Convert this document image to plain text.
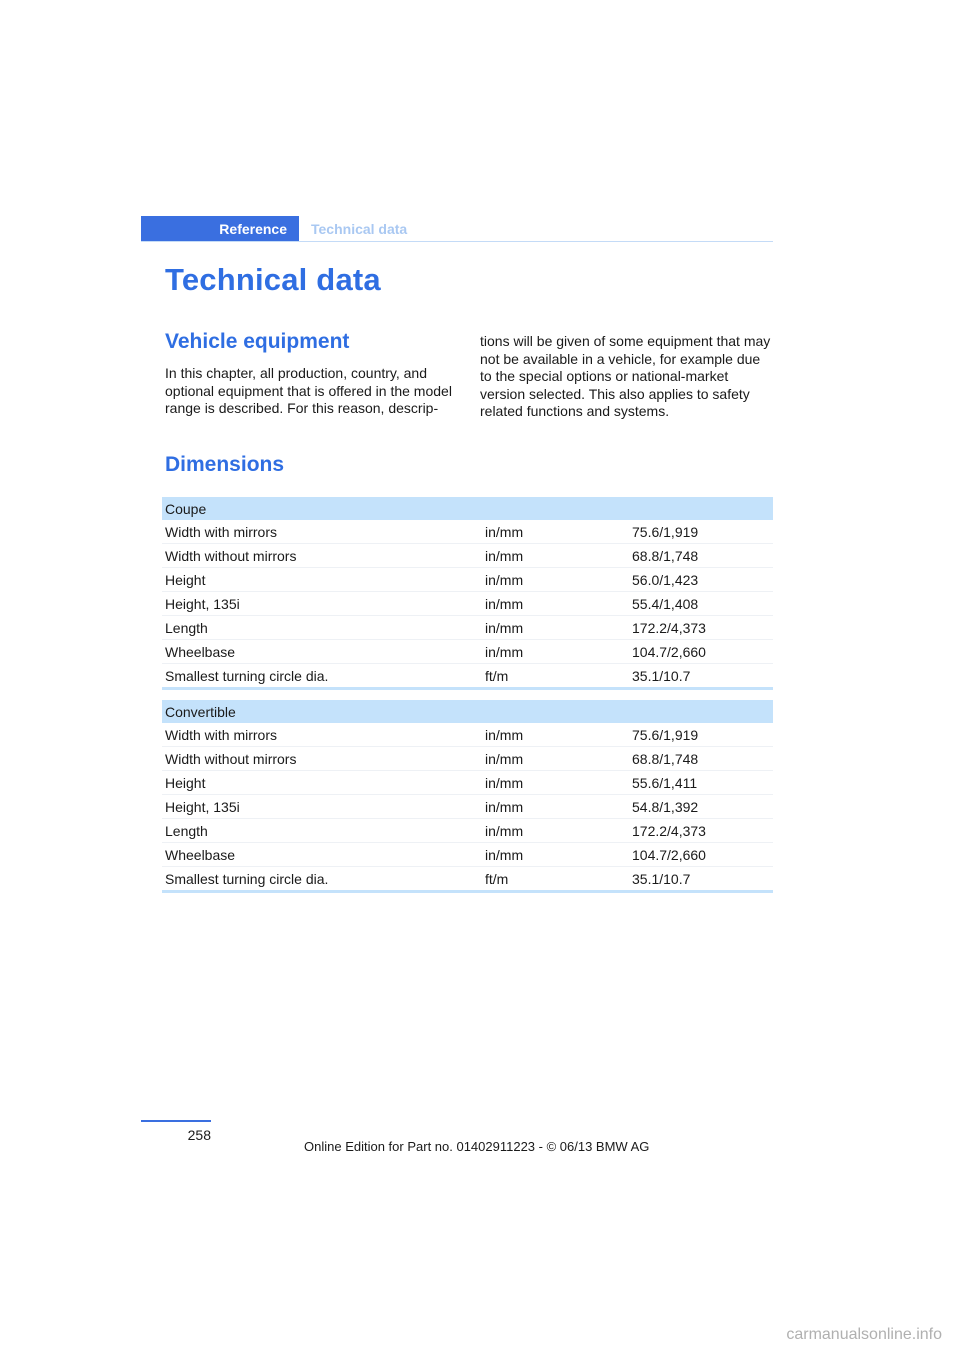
Reference Technical data
Technical data
Vehicle equipment

In this chapter, all production, country, and optional equipment that is offered in the model range is described. For this reason, descrip-

tions will be given of some equipment that may not be available in a vehicle, for example due to the special options or national-market version selected. This also applies to safety related functions and systems.

Dimensions
Coupe		
Width with mirrors	in/mm	75.6/1,919
Width without mirrors	in/mm	68.8/1,748
Height	in/mm	56.0/1,423
Height, 135i	in/mm	55.4/1,408
Length	in/mm	172.2/4,373
Wheelbase	in/mm	104.7/2,660
Smallest turning circle dia.	ft/m	35.1/10.7
Convertible		
Width with mirrors	in/mm	75.6/1,919
Width without mirrors	in/mm	68.8/1,748
Height	in/mm	55.6/1,411
Height, 135i	in/mm	54.8/1,392
Length	in/mm	172.2/4,373
Wheelbase	in/mm	104.7/2,660
Smallest turning circle dia.	ft/m	35.1/10.7
258
Online Edition for Part no. 01402911223 - © 06/13 BMW AG
carmanualsonline.info
